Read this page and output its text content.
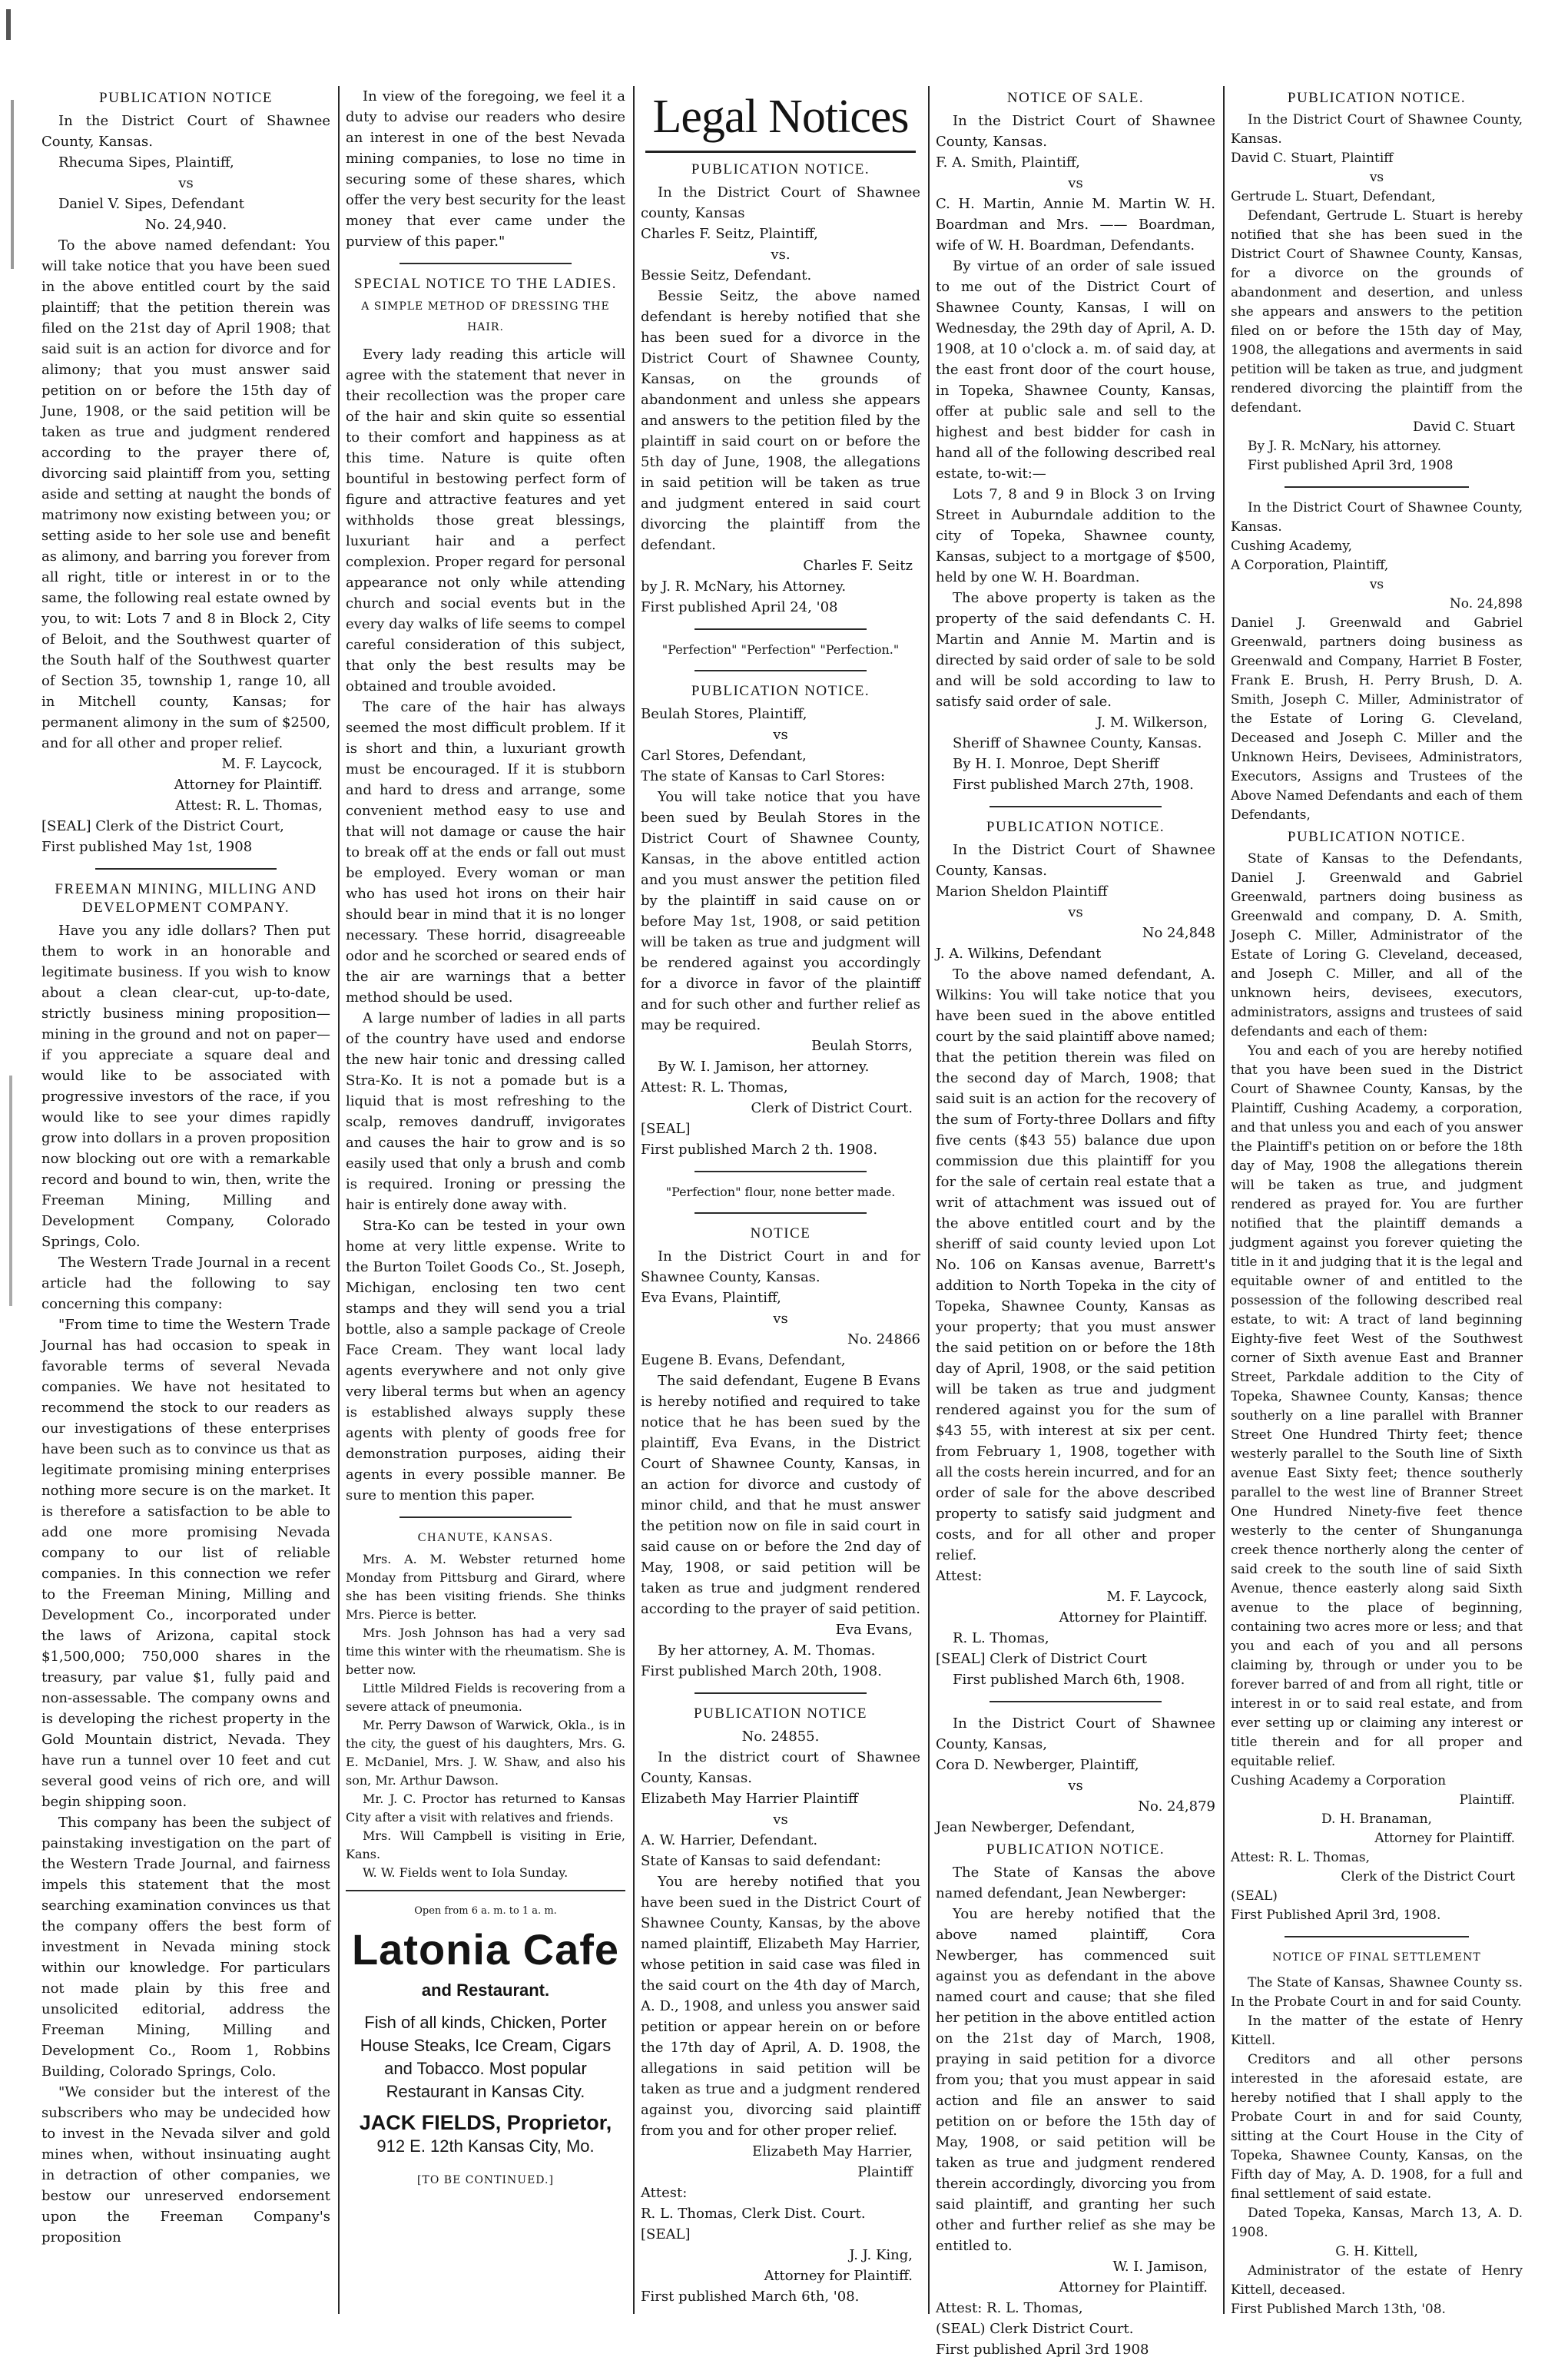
PUBLICATION NOTICE

In the District Court of Shawnee County, Kansas.

Rhecuma Sipes, Plaintiff,

vs

Daniel V. Sipes, Defendant

No. 24,940.

To the above named defendant: You will take notice that you have been sued in the above entitled court by the said plaintiff; that the petition therein was filed on the 21st day of April 1908; that said suit is an action for divorce and for alimony; that you must answer said petition on or before the 15th day of June, 1908, or the said petition will be taken as true and judgment rendered according to the prayer there of, divorcing said plaintiff from you, setting aside and setting at naught the bonds of matrimony now existing between you; or setting aside to her sole use and benefit as alimony, and barring you forever from all right, title or interest in or to the same, the following real estate owned by you, to wit: Lots 7 and 8 in Block 2, City of Beloit, and the Southwest quarter of the South half of the Southwest quarter of Section 35, township 1, range 10, all in Mitchell county, Kansas; for permanent alimony in the sum of $2500, and for all other and proper relief.

M. F. Laycock,

Attorney for Plaintiff.

Attest: R. L. Thomas,

[SEAL] Clerk of the District Court,

First published May 1st, 1908

FREEMAN MINING, MILLING AND DEVELOPMENT COMPANY.

Have you any idle dollars? Then put them to work in an honorable and legitimate business. If you wish to know about a clean clear-cut, up-to-date, strictly business mining proposition—mining in the ground and not on paper—if you appreciate a square deal and would like to be associated with progressive investors of the race, if you would like to see your dimes rapidly grow into dollars in a proven proposition now blocking out ore with a remarkable record and bound to win, then, write the Freeman Mining, Milling and Development Company, Colorado Springs, Colo.

The Western Trade Journal in a recent article had the following to say concerning this company:

"From time to time the Western Trade Journal has had occasion to speak in favorable terms of several Nevada companies. We have not hesitated to recommend the stock to our readers as our investigations of these enterprises have been such as to convince us that as legitimate promising mining enterprises nothing more secure is on the market. It is therefore a satisfaction to be able to add one more promising Nevada company to our list of reliable companies. In this connection we refer to the Freeman Mining, Milling and Development Co., incorporated under the laws of Arizona, capital stock $1,500,000; 750,000 shares in the treasury, par value $1, fully paid and non-assessable. The company owns and is developing the richest property in the Gold Mountain district, Nevada. They have run a tunnel over 10 feet and cut several good veins of rich ore, and will begin shipping soon.

This company has been the subject of painstaking investigation on the part of the Western Trade Journal, and fairness impels this statement that the most searching examination convinces us that the company offers the best form of investment in Nevada mining stock within our knowledge. For particulars not made plain by this free and unsolicited editorial, address the Freeman Mining, Milling and Development Co., Room 1, Robbins Building, Colorado Springs, Colo.

"We consider but the interest of the subscribers who may be undecided how to invest in the Nevada silver and gold mines when, without insinuating aught in detraction of other companies, we bestow our unreserved endorsement upon the Freeman Company's proposition

In view of the foregoing, we feel it a duty to advise our readers who desire an interest in one of the best Nevada mining companies, to lose no time in securing some of these shares, which offer the very best security for the least money that ever came under the purview of this paper."

SPECIAL NOTICE TO THE LADIES.
A SIMPLE METHOD OF DRESSING THE HAIR.

Every lady reading this article will agree with the statement that never in their recollection was the proper care of the hair and skin quite so essential to their comfort and happiness as at this time. Nature is quite often bountiful in bestowing perfect form of figure and attractive features and yet withholds those great blessings, luxuriant hair and a perfect complexion. Proper regard for personal appearance not only while attending church and social events but in the every day walks of life seems to compel careful consideration of this subject, that only the best results may be obtained and trouble avoided.

The care of the hair has always seemed the most difficult problem. If it is short and thin, a luxuriant growth must be encouraged. If it is stubborn and hard to dress and arrange, some convenient method easy to use and that will not damage or cause the hair to break off at the ends or fall out must be employed. Every woman or man who has used hot irons on their hair should bear in mind that it is no longer necessary. These horrid, disagreeable odor and he scorched or seared ends of the air are warnings that a better method should be used.

A large number of ladies in all parts of the country have used and endorse the new hair tonic and dressing called Stra-Ko. It is not a pomade but is a liquid that is most refreshing to the scalp, removes dandruff, invigorates and causes the hair to grow and is so easily used that only a brush and comb is required. Ironing or pressing the hair is entirely done away with.

Stra-Ko can be tested in your own home at very little expense. Write to the Burton Toilet Goods Co., St. Joseph, Michigan, enclosing ten two cent stamps and they will send you a trial bottle, also a sample package of Creole Face Cream. They want local lady agents everywhere and not only give very liberal terms but when an agency is established always supply these agents with plenty of goods free for demonstration purposes, aiding their agents in every possible manner. Be sure to mention this paper.

CHANUTE, KANSAS.

Mrs. A. M. Webster returned home Monday from Pittsburg and Girard, where she has been visiting friends. She thinks Mrs. Pierce is better.

Mrs. Josh Johnson has had a very sad time this winter with the rheumatism. She is better now.

Little Mildred Fields is recovering from a severe attack of pneumonia.

Mr. Perry Dawson of Warwick, Okla., is in the city, the guest of his daughters, Mrs. G. E. McDaniel, Mrs. J. W. Shaw, and also his son, Mr. Arthur Dawson.

Mr. J. C. Proctor has returned to Kansas City after a visit with relatives and friends.

Mrs. Will Campbell is visiting in Erie, Kans.

W. W. Fields went to Iola Sunday.

Open from 6 a. m. to 1 a. m.
Latonia Cafe
and Restaurant.
Fish of all kinds, Chicken, Porter House Steaks, Ice Cream, Cigars and Tobacco. Most popular Restaurant in Kansas City.
JACK FIELDS, Proprietor,
912 E. 12th Kansas City, Mo.
[TO BE CONTINUED.]
Legal Notices
PUBLICATION NOTICE.

In the District Court of Shawnee county, Kansas

Charles F. Seitz, Plaintiff,

vs.

Bessie Seitz, Defendant.

Bessie Seitz, the above named defendant is hereby notified that she has been sued for a divorce in the District Court of Shawnee County, Kansas, on the grounds of abandonment and unless she appears and answers to the petition filed by the plaintiff in said court on or before the 5th day of June, 1908, the allegations in said petition will be taken as true and judgment entered in said court divorcing the plaintiff from the defendant.

Charles F. Seitz

by J. R. McNary, his Attorney.

First published April 24, '08

"Perfection" "Perfection" "Perfection."

PUBLICATION NOTICE.

Beulah Stores, Plaintiff,

vs

Carl Stores, Defendant,

The state of Kansas to Carl Stores:

You will take notice that you have been sued by Beulah Stores in the District Court of Shawnee County, Kansas, in the above entitled action and you must answer the petition filed by the plaintiff in said cause on or before May 1st, 1908, or said petition will be taken as true and judgment will be rendered against you accordingly for a divorce in favor of the plaintiff and for such other and further relief as may be required.

Beulah Storrs,

By W. I. Jamison, her attorney.

Attest: R. L. Thomas,

Clerk of District Court.

[SEAL]

First published March 2 th. 1908.

"Perfection" flour, none better made.

NOTICE

In the District Court in and for Shawnee County, Kansas.

Eva Evans, Plaintiff,

vs

No. 24866

Eugene B. Evans, Defendant,

The said defendant, Eugene B Evans is hereby notified and required to take notice that he has been sued by the plaintiff, Eva Evans, in the District Court of Shawnee County, Kansas, in an action for divorce and custody of minor child, and that he must answer the petition now on file in said court in said cause on or before the 2nd day of May, 1908, or said petition will be taken as true and judgment rendered according to the prayer of said petition.

Eva Evans,

By her attorney, A. M. Thomas.

First published March 20th, 1908.

PUBLICATION NOTICE

No. 24855.

In the district court of Shawnee County, Kansas.

Elizabeth May Harrier Plaintiff

vs

A. W. Harrier, Defendant.

State of Kansas to said defendant:

You are hereby notified that you have been sued in the District Court of Shawnee County, Kansas, by the above named plaintiff, Elizabeth May Harrier, whose petition in said case was filed in the said court on the 4th day of March, A. D., 1908, and unless you answer said petition or appear herein on or before the 17th day of April, A. D. 1908, the allegations in said petition will be taken as true and a judgment rendered against you, divorcing said plaintiff from you and for other proper relief.

Elizabeth May Harrier,

Plaintiff

Attest:

R. L. Thomas, Clerk Dist. Court.

[SEAL]

J. J. King,

Attorney for Plaintiff.

First published March 6th, '08.

NOTICE OF SALE.

In the District Court of Shawnee County, Kansas.

F. A. Smith, Plaintiff,

vs

C. H. Martin, Annie M. Martin W. H. Boardman and Mrs. —— Boardman, wife of W. H. Boardman, Defendants.

By virtue of an order of sale issued to me out of the District Court of Shawnee County, Kansas, I will on Wednesday, the 29th day of April, A. D. 1908, at 10 o'clock a. m. of said day, at the east front door of the court house, in Topeka, Shawnee County, Kansas, offer at public sale and sell to the highest and best bidder for cash in hand all of the following described real estate, to-wit:—

Lots 7, 8 and 9 in Block 3 on Irving Street in Auburndale addition to the city of Topeka, Shawnee county, Kansas, subject to a mortgage of $500, held by one W. H. Boardman.

The above property is taken as the property of the said defendants C. H. Martin and Annie M. Martin and is directed by said order of sale to be sold and will be sold according to law to satisfy said order of sale.

J. M. Wilkerson,

Sheriff of Shawnee County, Kansas.

By H. I. Monroe, Dept Sheriff

First published March 27th, 1908.

PUBLICATION NOTICE.

In the District Court of Shawnee County, Kansas.

Marion Sheldon Plaintiff

vs

No 24,848

J. A. Wilkins, Defendant

To the above named defendant, A. Wilkins: You will take notice that you have been sued in the above entitled court by the said plaintiff above named; that the petition therein was filed on the second day of March, 1908; that said suit is an action for the recovery of the sum of Forty-three Dollars and fifty five cents ($43 55) balance due upon commission due this plaintiff for you for the sale of certain real estate that a writ of attachment was issued out of the above entitled court and by the sheriff of said county levied upon Lot No. 106 on Kansas avenue, Barrett's addition to North Topeka in the city of Topeka, Shawnee County, Kansas as your property; that you must answer the said petition on or before the 18th day of April, 1908, or the said petition will be taken as true and judgment rendered against you for the sum of $43 55, with interest at six per cent. from February 1, 1908, together with all the costs herein incurred, and for an order of sale for the above described property to satisfy said judgment and costs, and for all other and proper relief.

Attest:

M. F. Laycock,

Attorney for Plaintiff.

R. L. Thomas,

[SEAL] Clerk of District Court

First published March 6th, 1908.

In the District Court of Shawnee County, Kansas,

Cora D. Newberger, Plaintiff,

vs

No. 24,879

Jean Newberger, Defendant,

PUBLICATION NOTICE.

The State of Kansas the above named defendant, Jean Newberger:

You are hereby notified that the above named plaintiff, Cora Newberger, has commenced suit against you as defendant in the above named court and cause; that she filed her petition in the above entitled action on the 21st day of March, 1908, praying in said petition for a divorce from you; that you must appear in said action and file an answer to said petition on or before the 15th day of May, 1908, or said petition will be taken as true and judgment rendered therein accordingly, divorcing you from said plaintiff, and granting her such other and further relief as she may be entitled to.

W. I. Jamison,

Attorney for Plaintiff.

Attest: R. L. Thomas,

(SEAL) Clerk District Court.

First published April 3rd 1908

PUBLICATION NOTICE.

In the District Court of Shawnee County, Kansas.

David C. Stuart, Plaintiff

vs

Gertrude L. Stuart, Defendant,

Defendant, Gertrude L. Stuart is hereby notified that she has been sued in the District Court of Shawnee County, Kansas, for a divorce on the grounds of abandonment and desertion, and unless she appears and answers to the petition filed on or before the 15th day of May, 1908, the allegations and averments in said petition will be taken as true, and judgment rendered divorcing the plaintiff from the defendant.

David C. Stuart

By J. R. McNary, his attorney.

First published April 3rd, 1908

In the District Court of Shawnee County, Kansas.

Cushing Academy,

A Corporation, Plaintiff,

vs

No. 24,898

Daniel J. Greenwald and Gabriel Greenwald, partners doing business as Greenwald and Company, Harriet B Foster, Frank E. Brush, H. Perry Brush, D. A. Smith, Joseph C. Miller, Administrator of the Estate of Loring G. Cleveland, Deceased and Joseph C. Miller and the Unknown Heirs, Devisees, Administrators, Executors, Assigns and Trustees of the Above Named Defendants and each of them Defendants,

PUBLICATION NOTICE.

State of Kansas to the Defendants, Daniel J. Greenwald and Gabriel Greenwald, partners doing business as Greenwald and company, D. A. Smith, Joseph C. Miller, Administrator of the Estate of Loring G. Cleveland, deceased, and Joseph C. Miller, and all of the unknown heirs, devisees, executors, administrators, assigns and trustees of said defendants and each of them:

You and each of you are hereby notified that you have been sued in the District Court of Shawnee County, Kansas, by the Plaintiff, Cushing Academy, a corporation, and that unless you and each of you answer the Plaintiff's petition on or before the 18th day of May, 1908 the allegations therein will be taken as true, and judgment rendered as prayed for. You are further notified that the plaintiff demands a judgment against you forever quieting the title in it and judging that it is the legal and equitable owner of and entitled to the possession of the following described real estate, to wit: A tract of land beginning Eighty-five feet West of the Southwest corner of Sixth avenue East and Branner Street, Parkdale addition to the City of Topeka, Shawnee County, Kansas; thence southerly on a line parallel with Branner Street One Hundred Thirty feet; thence westerly parallel to the South line of Sixth avenue East Sixty feet; thence southerly parallel to the west line of Branner Street One Hundred Ninety-five feet thence westerly to the center of Shunganunga creek thence northerly along the center of said creek to the south line of said Sixth Avenue, thence easterly along said Sixth avenue to the place of beginning, containing two acres more or less; and that you and each of you and all persons claiming by, through or under you to be forever barred of and from all right, title or interest in or to said real estate, and from ever setting up or claiming any interest or title therein and for all proper and equitable relief.

Cushing Academy a Corporation

Plaintiff.

D. H. Branaman,

Attorney for Plaintiff.

Attest: R. L. Thomas,

Clerk of the District Court

(SEAL)

First Published April 3rd, 1908.

NOTICE OF FINAL SETTLEMENT

The State of Kansas, Shawnee County ss. In the Probate Court in and for said County.

In the matter of the estate of Henry Kittell.

Creditors and all other persons interested in the aforesaid estate, are hereby notified that I shall apply to the Probate Court in and for said County, sitting at the Court House in the City of Topeka, Shawnee County, Kansas, on the Fifth day of May, A. D. 1908, for a full and final settlement of said estate.

Dated Topeka, Kansas, March 13, A. D. 1908.

G. H. Kittell,

Administrator of the estate of Henry Kittell, deceased.

First Published March 13th, '08.
